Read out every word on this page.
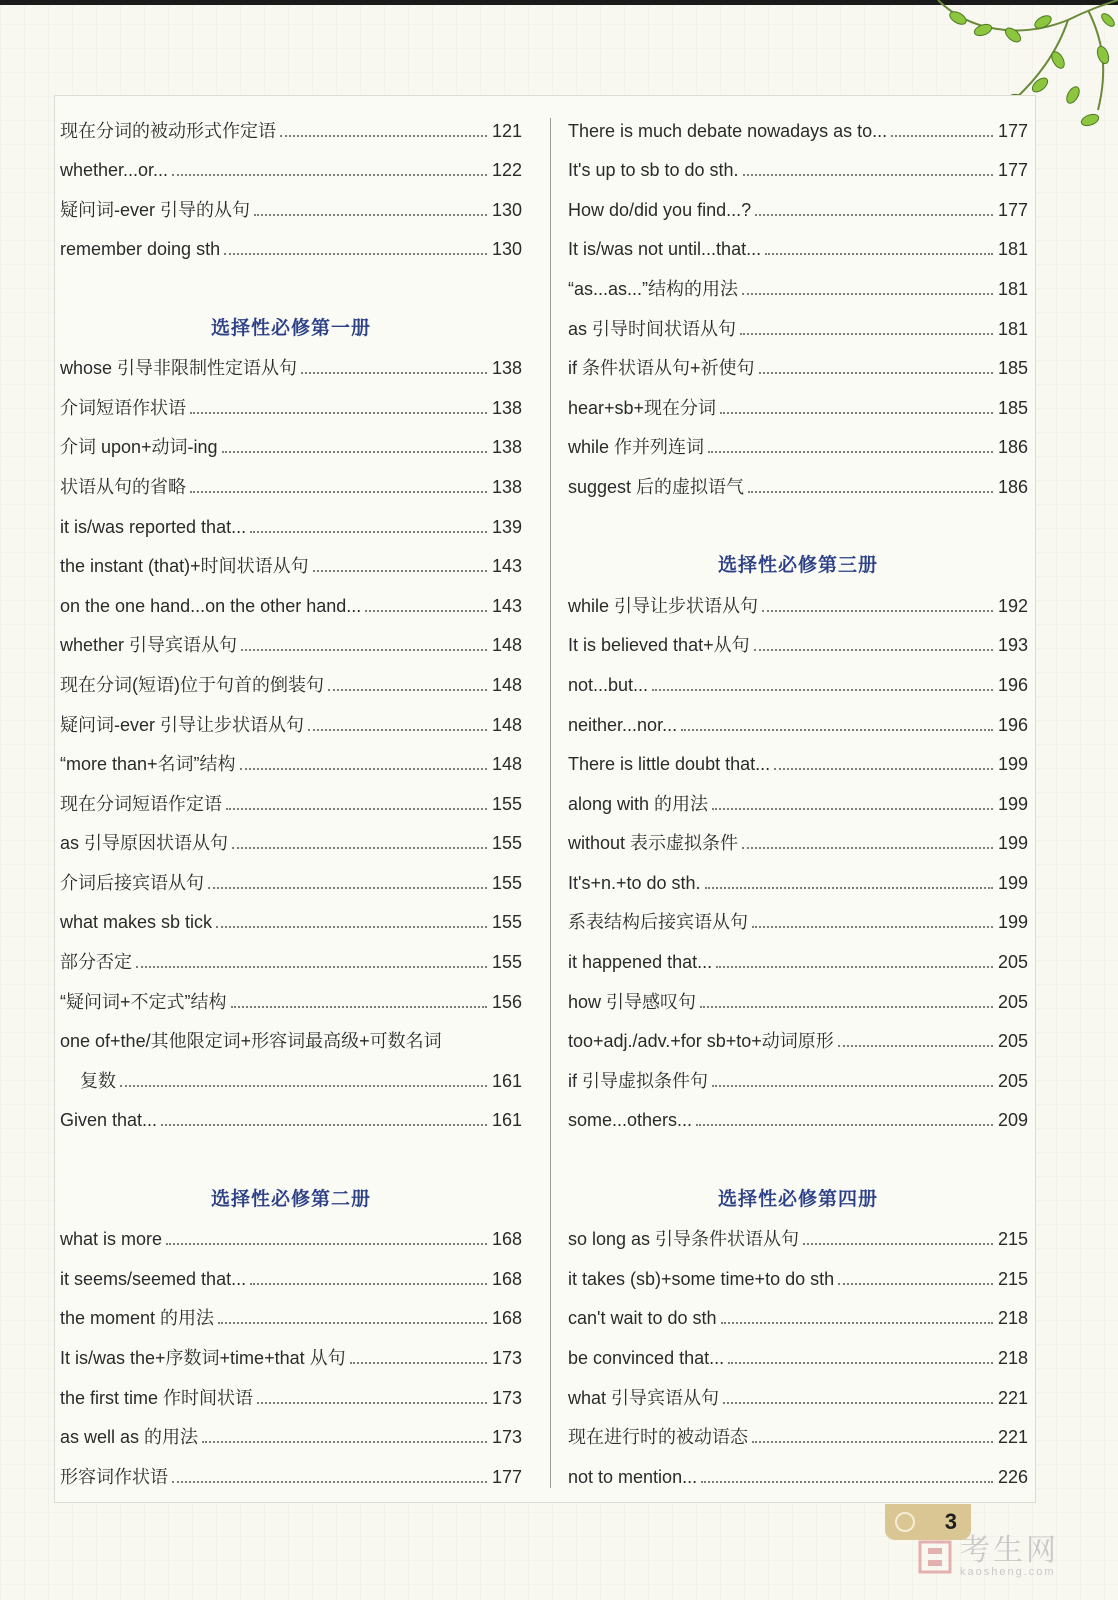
现在分词的被动形式作定语	121
whether...or...	122
疑问词-ever 引导的从句	130
remember doing sth	130
选择性必修第一册
whose 引导非限制性定语从句	138
介词短语作状语	138
介词 upon+动词-ing	138
状语从句的省略	138
it is/was reported that...	139
the instant (that)+时间状语从句	143
on the one hand...on the other hand...	143
whether 引导宾语从句	148
现在分词(短语)位于句首的倒装句	148
疑问词-ever 引导让步状语从句	148
“more than+名词”结构	148
现在分词短语作定语	155
as 引导原因状语从句	155
介词后接宾语从句	155
what makes sb tick	155
部分否定	155
“疑问词+不定式”结构	156
one of+the/其他限定词+形容词最高级+可数名词
复数	161
Given that...	161
选择性必修第二册
what is more	168
it seems/seemed that...	168
the moment 的用法	168
It is/was the+序数词+time+that 从句	173
the first time 作时间状语	173
as well as 的用法	173
形容词作状语	177
There is much debate nowadays as to...	177
It's up to sb to do sth.	177
How do/did you find...?	177
It is/was not until...that...	181
“as...as...”结构的用法	181
as 引导时间状语从句	181
if 条件状语从句+祈使句	185
hear+sb+现在分词	185
while 作并列连词	186
suggest 后的虚拟语气	186
选择性必修第三册
while 引导让步状语从句	192
It is believed that+从句	193
not...but...	196
neither...nor...	196
There is little doubt that...	199
along with 的用法	199
without 表示虚拟条件	199
It's+n.+to do sth.	199
系表结构后接宾语从句	199
it happened that...	205
how 引导感叹句	205
too+adj./adv.+for sb+to+动词原形	205
if 引导虚拟条件句	205
some...others...	209
选择性必修第四册
so long as 引导条件状语从句	215
it takes (sb)+some time+to do sth	215
can't wait to do sth	218
be convinced that...	218
what 引导宾语从句	221
现在进行时的被动语态	221
not to mention...	226
3
考生网
kaosheng.com
